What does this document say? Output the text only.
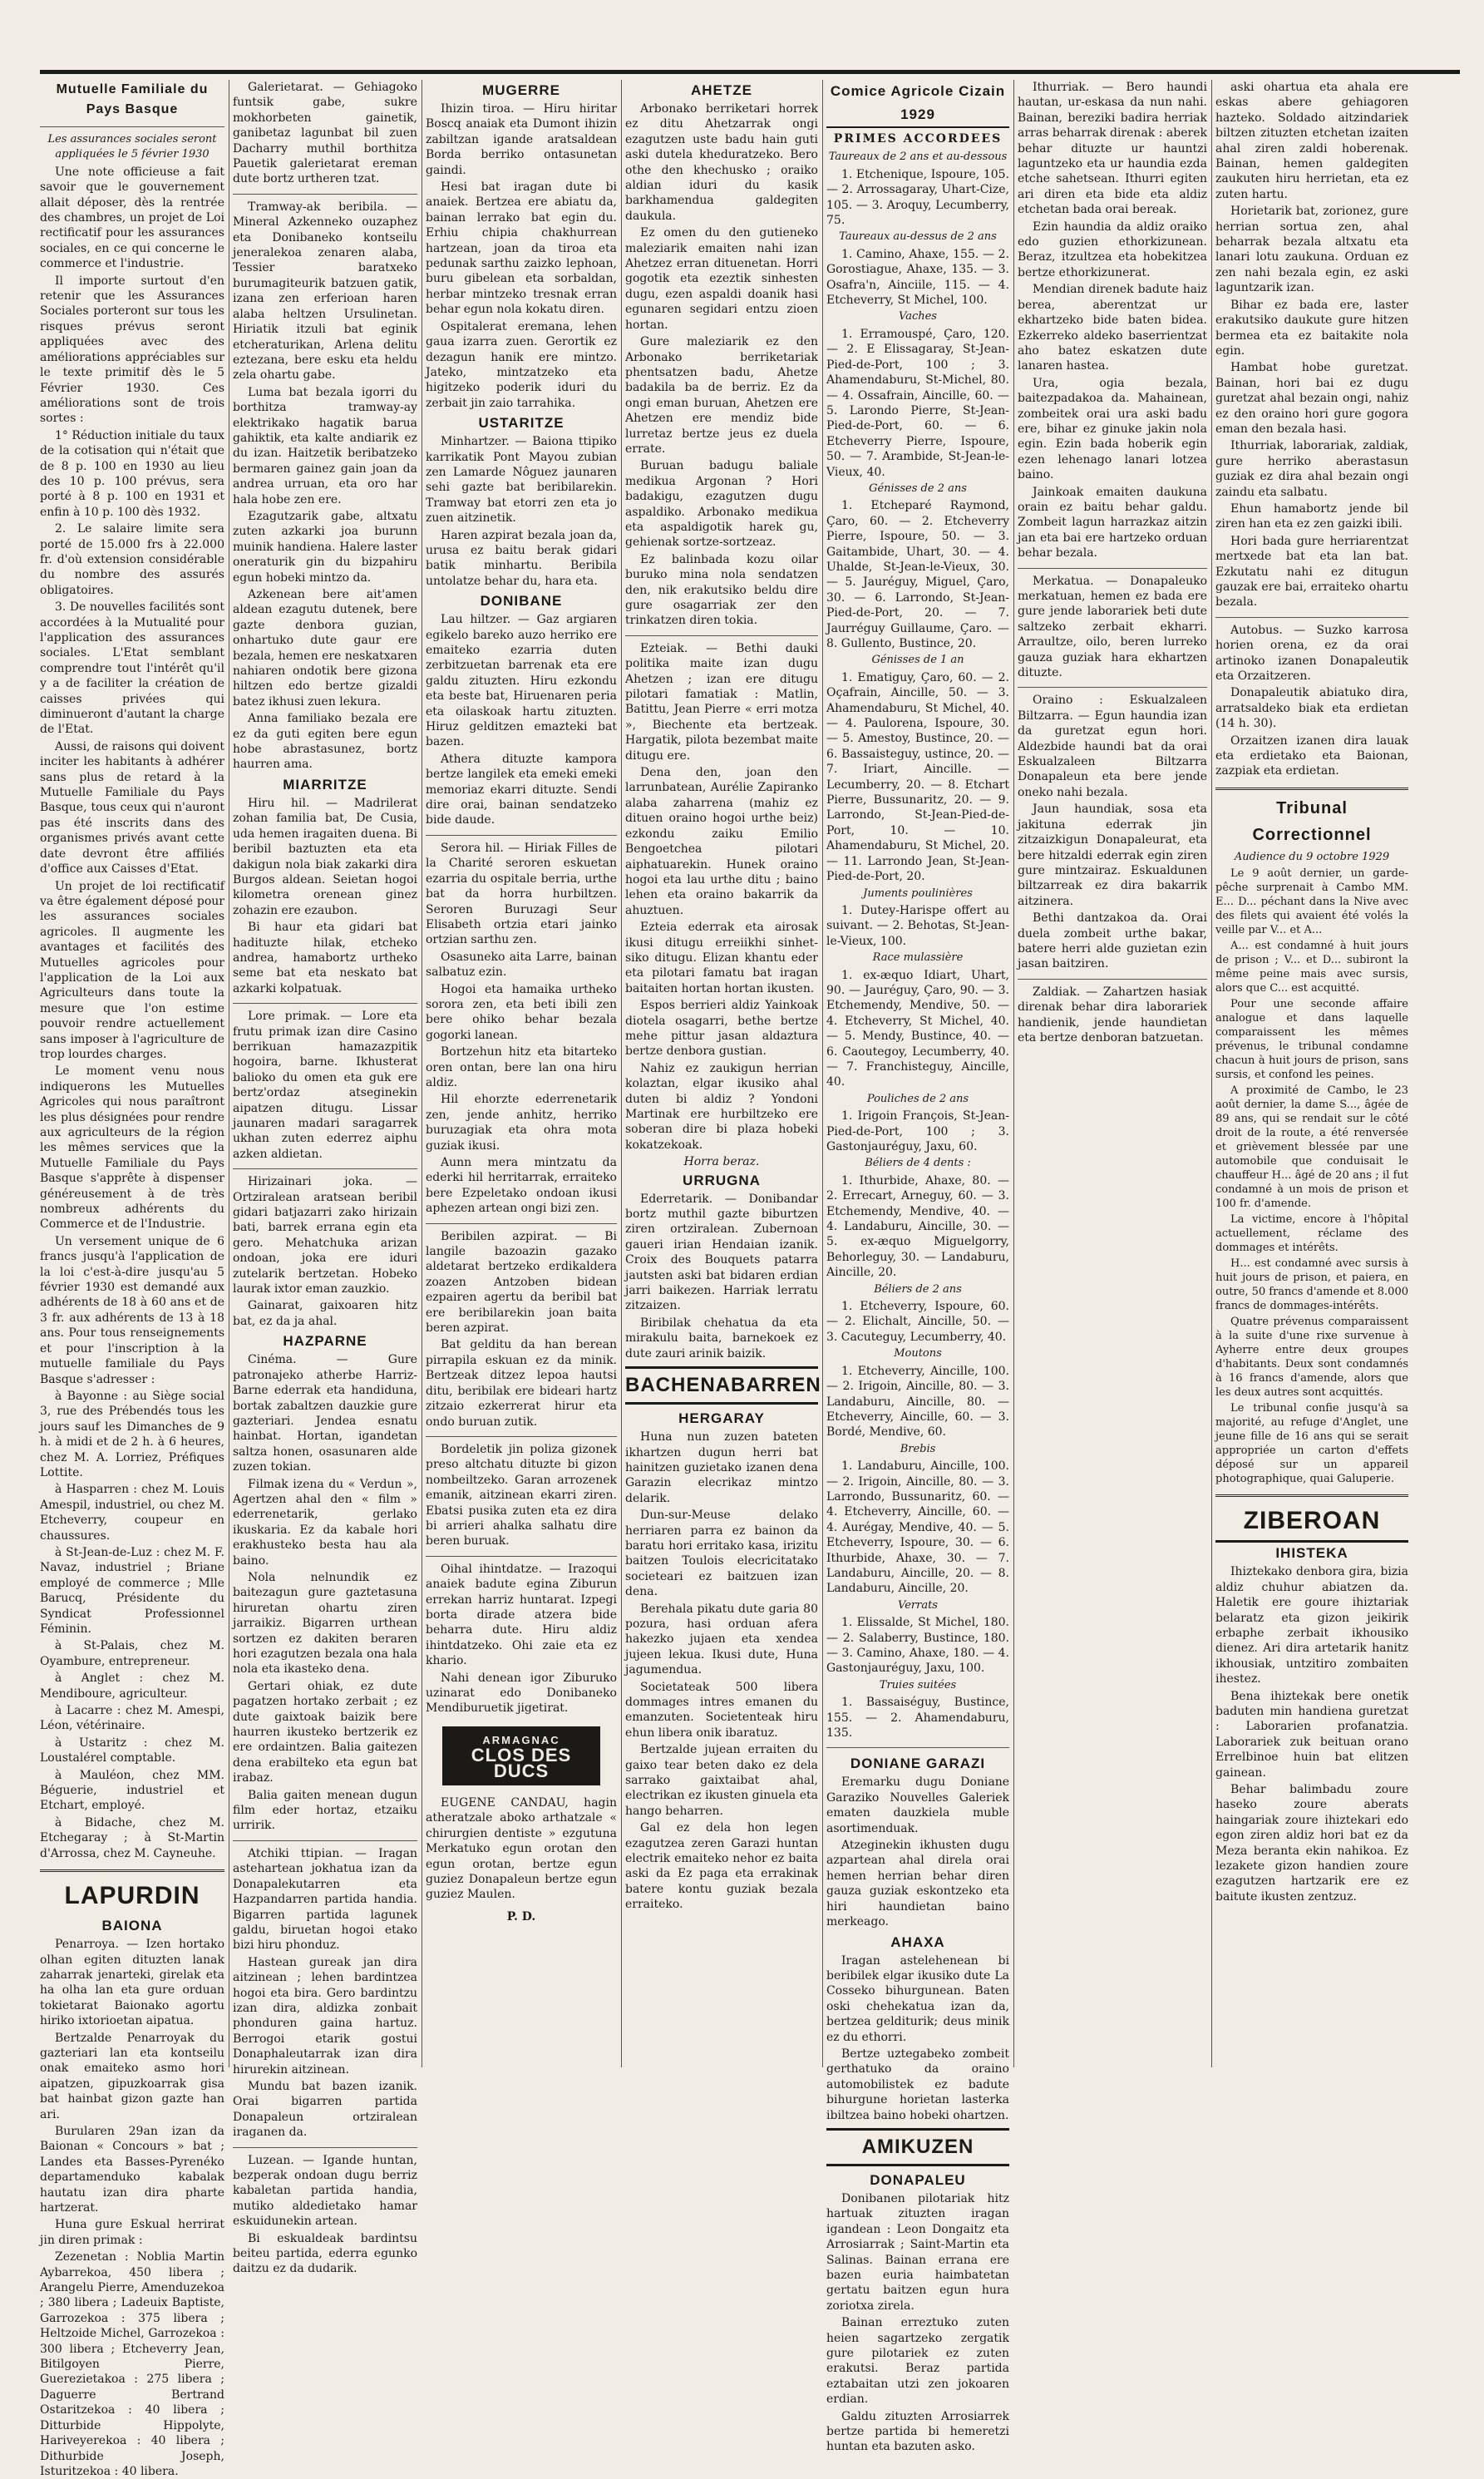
Mutuelle Familiale du Pays Basque
Les assurances sociales seront appliquées le 5 février 1930

Une note officieuse a fait savoir que le gouvernement allait déposer, dès la rentrée des chambres, un projet de Loi rectificatif pour les assurances sociales, en ce qui concerne le commerce et l'industrie.

Il importe surtout d'en retenir que les Assurances Sociales porteront sur tous les risques prévus seront appliquées avec des améliorations appréciables sur le texte primitif dès le 5 Février 1930. Ces améliorations sont de trois sortes :

1° Réduction initiale du taux de la cotisation qui n'était que de 8 p. 100 en 1930 au lieu des 10 p. 100 prévus, sera porté à 8 p. 100 en 1931 et enfin à 10 p. 100 dès 1932.

2. Le salaire limite sera porté de 15.000 frs à 22.000 fr. d'où extension considérable du nombre des assurés obligatoires.

3. De nouvelles facilités sont accordées à la Mutualité pour l'application des assurances sociales. L'Etat semblant comprendre tout l'intérêt qu'il y a de faciliter la création de caisses privées qui diminueront d'autant la charge de l'Etat.

Aussi, de raisons qui doivent inciter les habitants à adhérer sans plus de retard à la Mutuelle Familiale du Pays Basque, tous ceux qui n'auront pas été inscrits dans des organismes privés avant cette date devront être affiliés d'office aux Caisses d'Etat.

Un projet de loi rectificatif va être également déposé pour les assurances sociales agricoles. Il augmente les avantages et facilités des Mutuelles agricoles pour l'application de la Loi aux Agriculteurs dans toute la mesure que l'on estime pouvoir rendre actuellement sans imposer à l'agriculture de trop lourdes charges.

Le moment venu nous indiquerons les Mutuelles Agricoles qui nous paraîtront les plus désignées pour rendre aux agriculteurs de la région les mêmes services que la Mutuelle Familiale du Pays Basque s'apprête à dispenser généreusement à de très nombreux adhérents du Commerce et de l'Industrie.

Un versement unique de 6 francs jusqu'à l'application de la loi c'est-à-dire jusqu'au 5 février 1930 est demandé aux adhérents de 18 à 60 ans et de 3 fr. aux adhérents de 13 à 18 ans. Pour tous renseignements et pour l'inscription à la mutuelle familiale du Pays Basque s'adresser :

à Bayonne : au Siège social 3, rue des Prébendés tous les jours sauf les Dimanches de 9 h. à midi et de 2 h. à 6 heures, chez M. A. Lorriez, Préfiques Lottite.

à Hasparren : chez M. Louis Amespil, industriel, ou chez M. Etcheverry, coupeur en chaussures.

à St-Jean-de-Luz : chez M. F. Navaz, industriel ; Briane employé de commerce ; Mlle Barucq, Présidente du Syndicat Professionnel Féminin.

à St-Palais, chez M. Oyambure, entrepreneur.

à Anglet : chez M. Mendiboure, agriculteur.

à Lacarre : chez M. Amespi, Léon, vétérinaire.

à Ustaritz : chez M. Loustalérel comptable.

à Mauléon, chez MM. Béguerie, industriel et Etchart, employé.

à Bidache, chez M. Etchegaray ; à St-Martin d'Arrossa, chez M. Cayneuhe.

LAPURDIN
BAIONA

Penarroya. — Izen hortako olhan egiten dituzten lanak zaharrak jenarteki, girelak eta ha olha lan eta gure orduan tokietarat Baionako agortu hiriko ixtorioetan aipatua.

Bertzalde Penarroyak du gazteriari lan eta kontseilu onak emaiteko asmo hori aipatzen, gipuzkoarrak gisa bat hainbat gizon gazte han ari.

Burularen 29an izan da Baionan « Concours » bat ; Landes eta Basses-Pyrenéko departamenduko kabalak hautatu izan dira pharte hartzerat.

Huna gure Eskual herrirat jin diren primak :

Zezenetan : Noblia Martin Aybarrekoa, 450 libera ; Arangelu Pierre, Amenduzekoa ; 380 libera ; Ladeuix Baptiste, Garrozekoa : 375 libera ; Heltzoide Michel, Garrozekoa : 300 libera ; Etcheverry Jean, Bitilgoyen Pierre, Guerezietakoa : 275 libera ; Daguerre Bertrand Ostaritzekoa : 40 libera ; Ditturbide Hippolyte, Hariveyerekoa : 40 libera ; Dithurbide Joseph, Isturitzekoa : 40 libera.

Galerietarat. — Gehiagoko funtsik gabe, sukre mokhorbeten gainetik, ganibetaz lagunbat bil zuen Dacharry muthil borthitza Pauetik galerietarat ereman dute bortz urtheren tzat.

Tramway-ak beribila. — Mineral Azkenneko ouzaphez eta Donibaneko kontseilu jeneralekoa zenaren alaba, Tessier baratxeko burumagiteurik batzuen gatik, izana zen erferioan haren alaba heltzen Ursulinetan. Hiriatik itzuli bat eginik etcheraturikan, Arlena delitu eztezana, bere esku eta heldu zela ohartu gabe.

Luma bat bezala igorri du borthitza tramway-ay elektrikako hagatik barua gahiktik, eta kalte andiarik ez du izan. Haitzetik beribatzeko bermaren gainez gain joan da andrea urruan, eta oro har hala hobe zen ere.

Ezagutzarik gabe, altxatu zuten azkarki joa burunn muinik handiena. Halere laster oneraturik gin du bizpahiru egun hobeki mintzo da.

Azkenean bere ait'amen aldean ezagutu dutenek, bere gazte denbora guzian, onhartuko dute gaur ere bezala, hemen ere neskatxaren nahiaren ondotik bere gizona hiltzen edo bertze gizaldi batez ikhusi zuen lekura.

Anna familiako bezala ere ez da guti egiten bere egun hobe abrastasunez, bortz haurren ama.

MIARRITZE

Hiru hil. — Madrilerat zohan familia bat, De Cusia, uda hemen iragaiten duena. Bi beribil baztuzten eta eta dakigun nola biak zakarki dira Burgos aldean. Seietan hogoi kilometra orenean ginez zohazin ere ezaubon.

Bi haur eta gidari bat hadituzte hilak, etcheko andrea, hamabortz urtheko seme bat eta neskato bat azkarki kolpatuak.

Lore primak. — Lore eta frutu primak izan dire Casino berrikuan hamazazpitik hogoira, barne. Ikhusterat balioko du omen eta guk ere bertz'ordaz atseginekin aipatzen ditugu. Lissar jaunaren madari saragarrek ukhan zuten ederrez aiphu azken aldietan.

Hirizainari joka. — Ortziralean aratsean beribil gidari batjazarri zako hirizain bati, barrek errana egin eta gero. Mehatchuka arizan ondoan, joka ere iduri zutelarik bertzetan. Hobeko laurak ixtor eman zauzkio.

Gainarat, gaixoaren hitz bat, ez da ja ahal.

HAZPARNE

Cinéma. — Gure patronajeko atherbe Harriz-Barne ederrak eta handiduna, bortak zabaltzen dauzkie gure gazteriari. Jendea esnatu hainbat. Hortan, igandetan saltza honen, osasunaren alde zuzen tokian.

Filmak izena du « Verdun », Agertzen ahal den « film » ederrenetarik, gerlako ikuskaria. Ez da kabale hori erakhusteko besta hau ala baino.

Nola nelnundik ez baitezagun gure gaztetasuna hiruretan ohartu ziren jarraikiz. Bigarren urthean sortzen ez dakiten beraren hori ezagutzen bezala ona hala nola eta ikasteko dena.

Gertari ohiak, ez dute pagatzen hortako zerbait ; ez dute gaixtoak baizik bere haurren ikusteko bertzerik ez ere ordaintzen. Balia gaitezen dena erabilteko eta egun bat irabaz.

Balia gaiten menean dugun film eder hortaz, etzaiku urririk.

Atchiki ttipian. — Iragan astehartean jokhatua izan da Donapalekutarren eta Hazpandarren partida handia. Bigarren partida lagunek galdu, biruetan hogoi etako bizi hiru phonduz.

Hastean gureak jan dira aitzinean ; lehen bardintzea hogoi eta bira. Gero bardintzu izan dira, aldizka zonbait phonduren gaina hartuz. Berrogoi etarik gostui Donaphaleutarrak izan dira hirurekin aitzinean.

Mundu bat bazen izanik. Orai bigarren partida Donapaleun ortziralean iraganen da.

Luzean. — Igande huntan, bezperak ondoan dugu berriz kabaletan partida handia, mutiko aldedietako hamar eskuidunekin artean.

Bi eskualdeak bardintsu beiteu partida, ederra egunko daitzu ez da dudarik.

MUGERRE

Ihizin tiroa. — Hiru hiritar Boscq anaiak eta Dumont ihizin zabiltzan igande aratsaldean Borda berriko ontasunetan gaindi.

Hesi bat iragan dute bi anaiek. Bertzea ere abiatu da, bainan lerrako bat egin du. Erhiu chipia chakhurrean hartzean, joan da tiroa eta pedunak sarthu zaizko lephoan, buru gibelean eta sorbaldan, herbar mintzeko tresnak erran behar egun nola kokatu diren.

Ospitalerat eremana, lehen gaua izarra zuen. Gerortik ez dezagun hanik ere mintzo. Jateko, mintzatzeko eta higitzeko poderik iduri du zerbait jin zaio tarrahika.

USTARITZE

Minhartzer. — Baiona ttipiko karrikatik Pont Mayou zubian zen Lamarde Nôguez jaunaren sehi gazte bat beribilarekin. Tramway bat etorri zen eta jo zuen aitzinetik.

Haren azpirat bezala joan da, urusa ez baitu berak gidari batik minhartu. Beribila untolatze behar du, hara eta.

DONIBANE

Lau hiltzer. — Gaz argiaren egikelo bareko auzo herriko ere emaiteko ezarria duten zerbitzuetan barrenak eta ere galdu zituzten. Hiru ezkondu eta beste bat, Hiruenaren peria eta oilaskoak hartu zituzten. Hiruz gelditzen emazteki bat bazen.

Athera dituzte kampora bertze langilek eta emeki emeki memoriaz ekarri dituzte. Sendi dire orai, bainan sendatzeko bide daude.

Serora hil. — Hiriak Filles de la Charité seroren eskuetan ezarria du ospitale berria, urthe bat da horra hurbiltzen. Seroren Buruzagi Seur Elisabeth ortzia etari jainko ortzian sarthu zen.

Osasuneko aita Larre, bainan salbatuz ezin.

Hogoi eta hamaika urtheko sorora zen, eta beti ibili zen bere ohiko behar bezala gogorki lanean.

Bortzehun hitz eta bitarteko oren ontan, bere lan ona hiru aldiz.

Hil ehorzte ederrenetarik zen, jende anhitz, herriko buruzagiak eta ohra mota guziak ikusi.

Aunn mera mintzatu da ederki hil herritarrak, erraiteko bere Ezpeletako ondoan ikusi aphezen artean ongi bizi zen.

Beribilen azpirat. — Bi langile bazoazin gazako aldetarat bertzeko erdikaldera zoazen Antzoben bidean ezpairen agertu da beribil bat ere beribilarekin joan baita beren azpirat.

Bat gelditu da han berean pirrapila eskuan ez da minik. Bertzeak ditzez lepoa hautsi ditu, beribilak ere bideari hartz zitzaio ezkerrerat hirur eta ondo buruan zutik.

Bordeletik jin poliza gizonek preso altchatu dituzte bi gizon nombeiltzeko. Garan arrozenek emanik, aitzinean ekarri ziren. Ebatsi pusika zuten eta ez dira bi arrieri ahalka salhatu dire beren buruak.

Oihal ihintdatze. — Irazoqui anaiek badute egina Ziburun errekan harriz huntarat. Izpegi borta dirade atzera bide beharra dute. Hiru aldiz ihintdatzeko. Ohi zaie eta ez khario.

Nahi denean igor Ziburuko uzinarat edo Donibaneko Mendiburuetik jigetirat.

ARMAGNAC
CLOS DES DUCS

EUGENE CANDAU, hagin atheratzale aboko arthatzale « chirurgien dentiste » ezgutuna Merkatuko egun orotan den egun orotan, bertze egun guziez Donapaleun bertze egun guziez Maulen.

P. D.
AHETZE

Arbonako berriketari horrek ez ditu Ahetzarrak ongi ezagutzen uste badu hain guti aski dutela kheduratzeko. Bero othe den khechusko ; oraiko aldian iduri du kasik barkhamendua galdegiten daukula.

Ez omen du den gutieneko maleziarik emaiten nahi izan Ahetzez erran dituenetan. Horri gogotik eta ezeztik sinhesten dugu, ezen aspaldi doanik hasi egunaren segidari entzu zioen hortan.

Gure maleziarik ez den Arbonako berriketariak phentsatzen badu, Ahetze badakila ba de berriz. Ez da ongi eman buruan, Ahetzen ere Ahetzen ere mendiz bide lurretaz bertze jeus ez duela errate.

Buruan badugu baliale medikua Argonan ? Hori badakigu, ezagutzen dugu aspaldiko. Arbonako medikua eta aspaldigotik harek gu, gehienak sortze-sortzeaz.

Ez balinbada kozu oilar buruko mina nola sendatzen den, nik erakutsiko beldu dire gure osagarriak zer den trinkatzen diren tokia.

Ezteiak. — Bethi dauki politika maite izan dugu Ahetzen ; izan ere ditugu pilotari famatiak : Matlin, Batittu, Jean Pierre « erri motza », Biechente eta bertzeak. Hargatik, pilota bezembat maite ditugu ere.

Dena den, joan den larrunbatean, Aurélie Zapiranko alaba zaharrena (mahiz ez dituen oraino hogoi urthe beiz) ezkondu zaiku Emilio Bengoetchea pilotari aiphatuarekin. Hunek oraino hogoi eta lau urthe ditu ; baino lehen eta oraino bakarrik da ahuztuen.

Ezteia ederrak eta airosak ikusi ditugu erreiikhi sinhet- siko ditugu. Elizan khantu eder eta pilotari famatu bat iragan baitaiten hortan hortan ikusten.

Espos berrieri aldiz Yainkoak diotela osagarri, bethe bertze mehe pittur jasan aldaztura bertze denbora gustian.

Nahiz ez zaukigun herrian kolaztan, elgar ikusiko ahal duten bi aldiz ? Yondoni Martinak ere hurbiltzeko ere soberan dire bi plaza hobeki kokatzekoak.

Horra beraz.
URRUGNA

Ederretarik. — Donibandar bortz muthil gazte biburtzen ziren ortziralean. Zubernoan gaueri irian Hendaian izanik. Croix des Bouquets patarra jautsten aski bat bidaren erdian jarri baikezen. Harriak lerratu zitzaizen.

Biribilak chehatua da eta mirakulu baita, barnekoek ez dute zauri arinik baizik.

BACHENABARREN
HERGARAY

Huna nun zuzen bateten ikhartzen dugun herri bat hainitzen guzietako izanen dena Garazin elecrikaz mintzo delarik.

Dun-sur-Meuse delako herriaren parra ez bainon da baratu hori erritako kasa, irizitu baitzen Toulois elecricitatako societeari ez baitzuen izan dena.

Berehala pikatu dute garia 80 pozura, hasi orduan afera hakezko jujaen eta xendea jujeen lekua. Ikusi dute, Huna jagumendua.

Societateak 500 libera dommages intres emanen du emanzuten. Societenteak hiru ehun libera onik ibaratuz.

Bertzalde jujean erraiten du gaixo tear beten dako ez dela sarrako gaixtaibat ahal, electrikan ez ikusten ginuela eta hango beharren.

Gal ez dela hon legen ezagutzea zeren Garazi huntan electrik emaiteko nehor ez baita aski da Ez paga eta errakinak batere kontu guziak bezala erraiteko.

Comice Agricole Cizain 1929
PRIMES ACCORDEES
Taureaux de 2 ans et au-dessous

1. Etchenique, Ispoure, 105. — 2. Arrossagaray, Uhart-Cize, 105. — 3. Aroquy, Lecumberry, 75.

Taureaux au-dessus de 2 ans

1. Camino, Ahaxe, 155. — 2. Gorostiague, Ahaxe, 135. — 3. Osafra'n, Ainciile, 115. — 4. Etcheverry, St Michel, 100.

Vaches

1. Erramouspé, Çaro, 120. — 2. E Elissagaray, St-Jean-Pied-de-Port, 100 ; 3. Ahamendaburu, St-Michel, 80. — 4. Ossafrain, Aincille, 60. — 5. Larondo Pierre, St-Jean-Pied-de-Port, 60. — 6. Etcheverry Pierre, Ispoure, 50. — 7. Arambide, St-Jean-le-Vieux, 40.

Génisses de 2 ans

1. Etcheparé Raymond, Çaro, 60. — 2. Etcheverry Pierre, Ispoure, 50. — 3. Gaitambide, Uhart, 30. — 4. Uhalde, St-Jean-le-Vieux, 30. — 5. Jauréguy, Miguel, Çaro, 30. — 6. Larrondo, St-Jean-Pied-de-Port, 20. — 7. Jaurréguy Guillaume, Çaro. — 8. Gullento, Bustince, 20.

Génisses de 1 an

1. Ematiguy, Çaro, 60. — 2. Oçafrain, Aincille, 50. — 3. Ahamendaburu, St Michel, 40. — 4. Paulorena, Ispoure, 30. — 5. Amestoy, Bustince, 20. — 6. Bassaisteguy, ustince, 20. — 7. Iriart, Aincille. — Lecumberry, 20. — 8. Etchart Pierre, Bussunaritz, 20. — 9. Larrondo, St-Jean-Pied-de-Port, 10. — 10. Ahamendaburu, St Michel, 20. — 11. Larrondo Jean, St-Jean-Pied-de-Port, 20.

Juments poulinières

1. Dutey-Harispe offert au suivant. — 2. Behotas, St-Jean-le-Vieux, 100.

Race mulassière

1. ex-æquo Idiart, Uhart, 90. — Jauréguy, Çaro, 90. — 3. Etchemendy, Mendive, 50. — 4. Etcheverry, St Michel, 40. — 5. Mendy, Bustince, 40. — 6. Caoutegoy, Lecumberry, 40. — 7. Franchisteguy, Aincille, 40.

Pouliches de 2 ans

1. Irigoin François, St-Jean-Pied-de-Port, 100 ; 3. Gastonjauréguy, Jaxu, 60.

Béliers de 4 dents :

1. Ithurbide, Ahaxe, 80. — 2. Errecart, Arneguy, 60. — 3. Etchemendy, Mendive, 40. — 4. Landaburu, Aincille, 30. — 5. ex-æquo Miguelgorry, Behorleguy, 30. — Landaburu, Aincille, 20.

Béliers de 2 ans

1. Etcheverry, Ispoure, 60. — 2. Elichalt, Aincille, 50. — 3. Cacuteguy, Lecumberry, 40.

Moutons

1. Etcheverry, Aincille, 100. — 2. Irigoin, Aincille, 80. — 3. Landaburu, Aincille, 80. — Etcheverry, Aincille, 60. — 3. Bordé, Mendive, 60.

Brebis

1. Landaburu, Aincille, 100. — 2. Irigoin, Aincille, 80. — 3. Larrondo, Bussunaritz, 60. — 4. Etcheverry, Aincille, 60. — 4. Aurégay, Mendive, 40. — 5. Etcheverry, Ispoure, 30. — 6. Ithurbide, Ahaxe, 30. — 7. Landaburu, Aincille, 20. — 8. Landaburu, Aincille, 20.

Verrats

1. Elissalde, St Michel, 180. — 2. Salaberry, Bustince, 180. — 3. Camino, Ahaxe, 180. — 4. Gastonjauréguy, Jaxu, 100.

Truies suitées

1. Bassaiséguy, Bustince, 155. — 2. Ahamendaburu, 135.

DONIANE GARAZI

Eremarku dugu Doniane Garaziko Nouvelles Galeriek ematen dauzkiela muble asortimenduak.

Atzeginekin ikhusten dugu azpartean ahal direla orai hemen herrian behar diren gauza guziak eskontzeko eta hiri haundietan baino merkeago.

AHAXA

Iragan astelehenean bi beribilek elgar ikusiko dute La Cosseko bihurgunean. Baten oski chehekatua izan da, bertzea gelditurik; deus minik ez du ethorri.

Bertze uztegabeko zombeit gerthatuko da oraino automobilistek ez badute bihurgune horietan lasterka ibiltzea baino hobeki ohartzen.

AMIKUZEN
DONAPALEU

Donibanen pilotariak hitz hartuak zituzten iragan igandean : Leon Dongaitz eta Arrosiarrak ; Saint-Martin eta Salinas. Bainan errana ere bazen euria haimbatetan gertatu baitzen egun hura zoriotxa zirela.

Bainan erreztuko zuten heien sagartzeko zergatik gure pilotariek ez zuten erakutsi. Beraz partida eztabaitan utzi zen jokoaren erdian.

Galdu zituzten Arrosiarrek bertze partida bi hemeretzi huntan eta bazuten asko.

Ithurriak. — Bero haundi hautan, ur-eskasa da nun nahi. Bainan, bereziki badira herriak arras beharrak direnak : aberek behar dituzte ur hauntzi laguntzeko eta ur haundia ezda etche sahetsean. Ithurri egiten ari diren eta bide eta aldiz etchetan bada orai bereak.

Ezin haundia da aldiz oraiko edo guzien ethorkizunean. Beraz, itzultzea eta hobekitzea bertze ethorkizunerat.

Mendian direnek badute haiz berea, aberentzat ur ekhartzeko bide baten bidea. Ezkerreko aldeko baserrientzat aho batez eskatzen dute lanaren hastea.

Ura, ogia bezala, baitezpadakoa da. Mahainean, zombeitek orai ura aski badu ere, bihar ez ginuke jakin nola egin. Ezin bada hoberik egin ezen lehenago lanari lotzea baino.

Jainkoak emaiten daukuna orain ez baitu behar galdu. Zombeit lagun harrazkaz aitzin jan eta bai ere hartzeko orduan behar bezala.

Merkatua. — Donapaleuko merkatuan, hemen ez bada ere gure jende laborariek beti dute saltzeko zerbait ekharri. Arraultze, oilo, beren lurreko gauza guziak hara ekhartzen dituzte.

Oraino : Eskualzaleen Biltzarra. — Egun haundia izan da guretzat egun hori. Aldezbide haundi bat da orai Eskualzaleen Biltzarra Donapaleun eta bere jende oneko nahi bezala.

Jaun haundiak, sosa eta jakituna ederrak jin zitzaizkigun Donapaleurat, eta bere hitzaldi ederrak egin ziren gure mintzairaz. Eskualdunen biltzarreak ez dira bakarrik aitzinera.

Bethi dantzakoa da. Orai duela zombeit urthe bakar, batere herri alde guzietan ezin jasan baitziren.

Zaldiak. — Zahartzen hasiak direnak behar dira laborariek handienik, jende haundietan eta bertze denboran batzuetan.

aski ohartua eta ahala ere eskas abere gehiagoren hazteko. Soldado aitzindariek biltzen zituzten etchetan izaiten ahal ziren zaldi hoberenak. Bainan, hemen galdegiten zaukuten hiru herrietan, eta ez zuten hartu.

Horietarik bat, zorionez, gure herrian sortua zen, ahal beharrak bezala altxatu eta lanari lotu zaukuna. Orduan ez zen nahi bezala egin, ez aski laguntzarik izan.

Bihar ez bada ere, laster erakutsiko daukute gure hitzen bermea eta ez baitakite nola egin.

Hambat hobe guretzat. Bainan, hori bai ez dugu guretzat ahal bezain ongi, nahiz ez den oraino hori gure gogora eman den bezala hasi.

Ithurriak, laborariak, zaldiak, gure herriko aberastasun guziak ez dira ahal bezain ongi zaindu eta salbatu.

Ehun hamabortz jende bil ziren han eta ez zen gaizki ibili.

Hori bada gure herriarentzat mertxede bat eta lan bat. Ezkutatu nahi ez ditugun gauzak ere bai, erraiteko ohartu bezala.

Autobus. — Suzko karrosa horien orena, ez da orai artinoko izanen Donapaleutik eta Orzaitzeren.

Donapaleutik abiatuko dira, arratsaldeko biak eta erdietan (14 h. 30).

Orzaitzen izanen dira lauak eta erdietako eta Baionan, zazpiak eta erdietan.

Tribunal Correctionnel
Audience du 9 octobre 1929

Le 9 août dernier, un garde-pêche surprenait à Cambo MM. E... D... péchant dans la Nive avec des filets qui avaient été volés la veille par V... et A...

A... est condamné à huit jours de prison ; V... et D... subiront la même peine mais avec sursis, alors que C... est acquitté.

Pour une seconde affaire analogue et dans laquelle comparaissent les mêmes prévenus, le tribunal condamne chacun à huit jours de prison, sans sursis, et confond les peines.

A proximité de Cambo, le 23 août dernier, la dame S..., âgée de 89 ans, qui se rendait sur le côté droit de la route, a été renversée et grièvement blessée par une automobile que conduisait le chauffeur H... âgé de 20 ans ; il fut condamné à un mois de prison et 100 fr. d'amende.

La victime, encore à l'hôpital actuellement, réclame des dommages et intérêts.

H... est condamné avec sursis à huit jours de prison, et paiera, en outre, 50 francs d'amende et 8.000 francs de dommages-intérêts.

Quatre prévenus comparaissent à la suite d'une rixe survenue à Ayherre entre deux groupes d'habitants. Deux sont condamnés à 16 francs d'amende, alors que les deux autres sont acquittés.

Le tribunal confie jusqu'à sa majorité, au refuge d'Anglet, une jeune fille de 16 ans qui se serait appropriée un carton d'effets déposé sur un appareil photographique, quai Galuperie.

ZIBEROAN
IHISTEKA

Ihiztekako denbora gira, bizia aldiz chuhur abiatzen da. Haletik ere goure ihiztariak belaratz eta gizon jeikirik erbaphe zerbait ikhousiko dienez. Ari dira artetarik hanitz ikhousiak, untzitiro zombaiten ihestez.

Bena ihiztekak bere onetik baduten min handiena guretzat : Laborarien profanatzia. Laborariek zuk beituan orano Errelbinoe huin bat elitzen gainean.

Behar balimbadu zoure haseko zoure aberats haingariak zoure ihiztekari edo egon ziren aldiz hori bat ez da Meza beranta ekin nahikoa. Ez lezakete gizon handien zoure ezagutzen hartzarik ere ez baitute ikusten zentzuz.
